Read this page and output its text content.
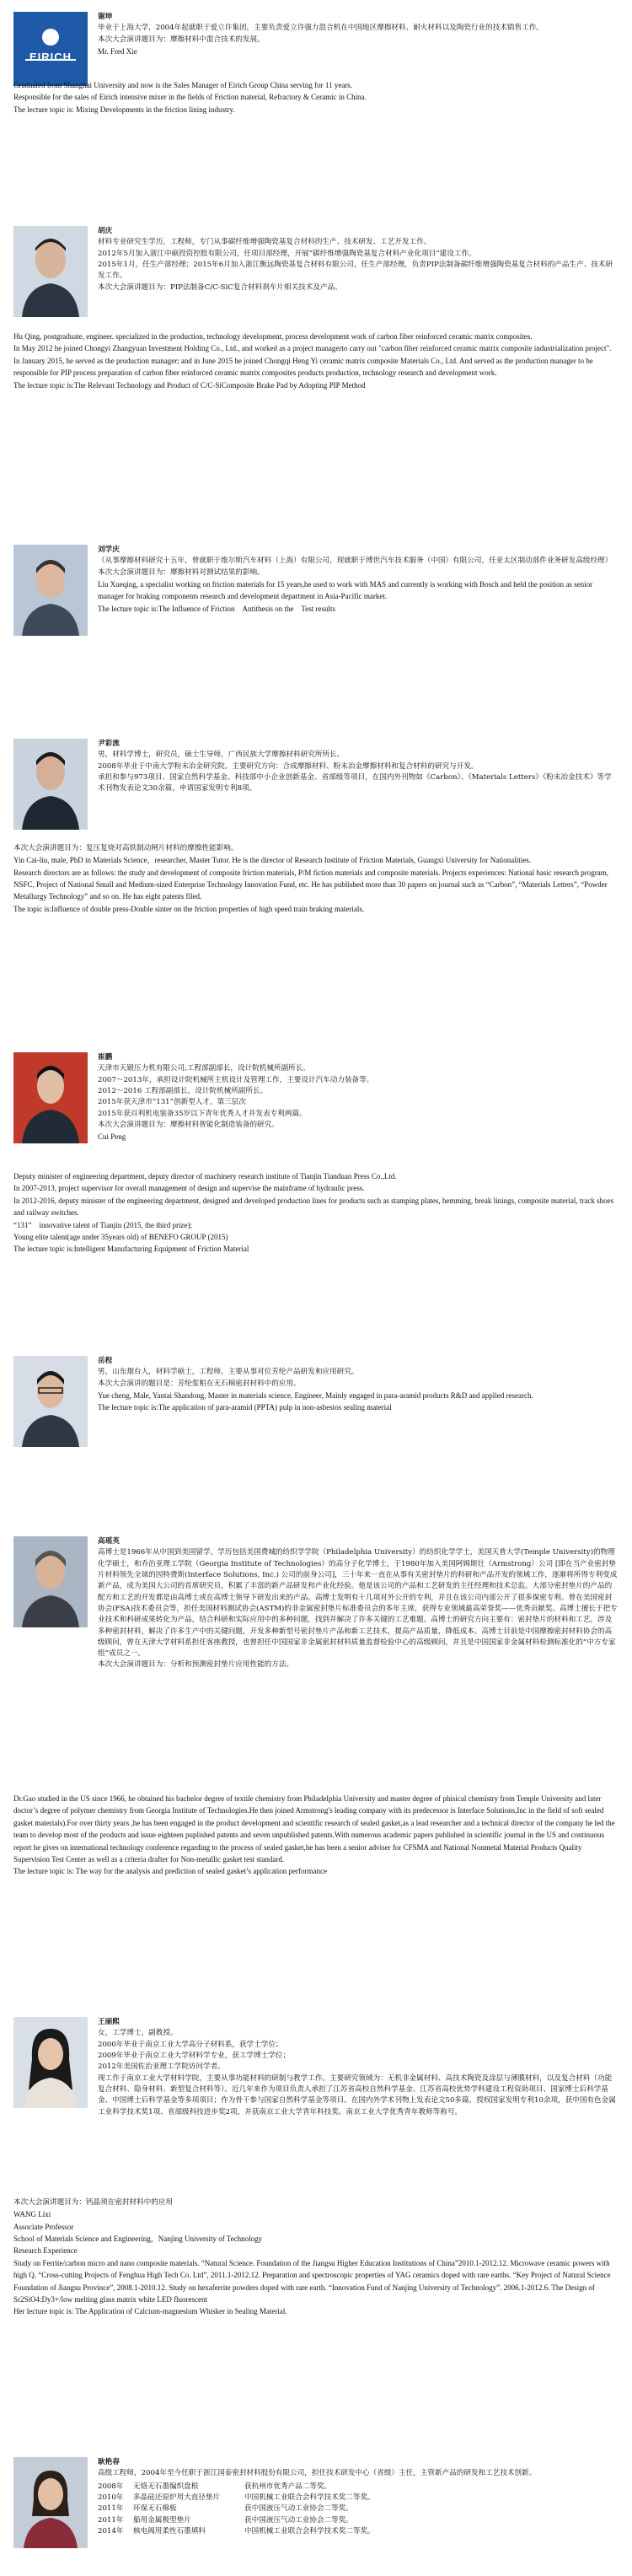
EIRICH

谢坤

毕业于上海大学，2004年起就职于爱立许集团，主要负责爱立许强力混合机在中国地区摩擦材料、耐火材料以及陶瓷行业的技术销售工作。

本次大会演讲题目为：摩擦材料中混合技术的发展。

Mr. Fred Xie

Graduated from Shanghai University and now is the Sales Manager of Eirich Group China serving for 11 years.

Responsible for the sales of Eirich intensive mixer in the fields of Friction material, Refractory & Ceramic in China.

The lecture topic is: Mixing Developments in the friction lining industry.

胡庆

材料专业研究生学历，工程师，专门从事碳纤维增强陶瓷基复合材料的生产、技术研发、工艺开发工作。

2012年5月加入浙江中硕投资控股有限公司，任项目部经理，开展“碳纤维增强陶瓷基复合材料产业化项目”建设工作。

2015年1月，任生产部经理；2015年6月加入浙江衡远陶瓷基复合材料有限公司，任生产部经理，负责PIP法制备碳纤维增强陶瓷基复合材料的产品生产、技术研发工作。

本次大会演讲题目为：PIP法制备C/C-SiC复合材料刹车片相关技术及产品。

Hu Qing, postgraduate, engineer. specialized in the production, technology development, process development work of carbon fiber reinforced ceramic matrix composites.

In May 2012 he joined Chongyi Zhangyuan Investment Holding Co., Ltd., and worked as a project managerto carry out "carbon fiber reinforced ceramic matrix composite industrialization project". In January 2015, he served as the production manager; and in June 2015 he joined Chongqi Heng Yi ceramic matrix composite Materials Co., Ltd. And served as the production manager to be responsible for PIP process preparation of carbon fiber reinforced ceramic matrix composites products production, technology research and development work.

The lecture topic is:The Relevant Technology and Product of C/C-SiComposite Brake Pad by Adopting PIP Method

刘学庆

（从事摩擦材料研究十五年，曾就职于维尔斯汽车材料（上海）有限公司，现就职于博世汽车技术服务（中国）有限公司，任亚太区制动部件业务研发高级经理）

本次大会演讲题目为：摩擦材料对测试结果的影响。

Liu Xueqing, a specialist working on friction materials for 15 years,he used to work with MAS and currently is working with Bosch and held the position as senior manager for braking components research and development department in Asia-Pacific market.

The lecture topic is:The Influence of Friction　Antithesis on the　Test results

尹彩流

男，材料学博士，研究员，硕士生导师，广西民族大学摩擦材料研究所所长。

2008年毕业于中南大学粉末冶金研究院。主要研究方向：合成摩擦材料、粉末冶金摩擦材料和复合材料的研究与开发。

承担和参与973项目、国家自然科学基金、科技部中小企业创新基金、省部级等项目，在国内外刊物如《Carbon》、《Materials Letters》《粉末冶金技术》等学术刊物发表论文30余篇，申请国家发明专利8项。

本次大会演讲题目为：复压复烧对高铁制动闸片材料的摩擦性能影响。

Yin Cai-liu, male, PhD in Materials Science，researcher, Master Tutor. He is the director of Research Institute of Friction Materials, Guangxi University for Nationalities.

Research directors are as follows: the study and development of composite friction materials, P/M fiction materials and composite materials. Projects experiences: National basic research program, NSFC, Project of National Small and Medium-sized Enterprise Technology Innovation Fund, etc. He has published more than 30 papers on journal such as “Carbon”, “Materials Letters”, “Powder Metallurgy Technology” and so on. He has eight patents filed.

The topic is:Influence of double press-Double sinter on the friction properties of high speed train braking materials.

崔鹏

天津市天锻压力机有限公司,工程部副部长，设计院机械所副所长。

2007～2013年，承担设计院机械所主机设计及管理工作，主要设计汽车动力装备等。

2012～2016 工程部副部长，设计院机械所副所长。

2015年获天津市“131”创新型人才，第三层次

2015年获百利机电装备35岁以下青年优秀人才并发表专利两篇。

本次大会演讲题目为：摩擦材料智能化制造装备的研究。

Cui Peng

Deputy minister of engineering department, deputy director of machinery research institute of Tianjin Tianduan Press Co.,Ltd.

In 2007-2013, project supervisor for overall management of design and supervise the mainframe of hydraulic press.

In 2012-2016, deputy minister of the engineering department, designed and developed production lines for products such as stamping plates, hemming, break linings, composite material, track shoes and railway switches.

“131”　innovative talent of Tianjin (2015, the third prize);

Young elite talent(age under 35years old) of BENEFO GROUP (2015)

The lecture topic is:Intelligent Manufacturing Equipment of Friction Material

岳程

男，山东烟台人，材料学硕士，工程师，主要从事对位芳纶产品研发和应用研究。

本次大会演讲的题目是：芳纶浆粕在无石棉密封材料中的应用。

Yue cheng, Male, Yantai Shandong, Master in materials science, Engineer, Mainly engaged in para-aramid products R&D and applied research.

The lecture topic is:The application of para-aramid (PPTA) pulp in non-asbestos sealing material

高瑶英

高博士是1966年从中国到美国留学，学历包括美国费城的纺织学学院（Philadelphia University）的纺织化学学士，美国天普大学(Temple University)的物理化学硕士，和乔治亚理工学院（Georgia Institute of Technologies）的高分子化学博士，于1980年加入美国阿姆斯壮（Armstrong）公司 [即在当产业密封垫片材料领先全球的因特费斯(Interface Solutions, Inc.) 公司的前身公司]，三十年来一直在从事有关密封垫片的科研和产品开发的领域工作，逐渐将所得专利变成新产品，成为美国大公司的首席研究员，积累了丰富的新产品研发和产业化经验。他是该公司的产品和工艺研发的主任经理和技术总监。大部分密封垫片的产品的配方和工艺的开发都是由高博士或在高博士领导下研发出来的产品。高博士发明有十几项对外公开的专利，并且在该公司内部公开了很多保密专利。曾在美国密封协会(FSA)技术委员会等，担任美国材料测试协会(ASTM)的非金属密封垫片标准委员会的多年主席，获得专业领域最高荣誉奖——优秀贡献奖。高博士擅长于把专业技术和科研成果转化为产品，结合科研和实际应用中的多种问题，找到并解决了许多关键的工艺难题。高博士的研究方向主要有：密封垫片的材料和工艺，涉及多种密封材料，解决了许多生产中的关键问题，开发多种新型号密封垫片产品和新工艺技术，提高产品质量，降低成本。高博士目前是中国摩擦密封材料协会的高级顾问，曾在天津大学材料系担任客座教授，也曾担任中国国家非金属密封材料质量监督检验中心的高级顾问，并且是中国国家非金属材料检测标准化的“中方专家组”成员之一。

本次大会演讲题目为：分析和预测密封垫片应用性能的方法。

Dr.Gao studied in the US since 1966, he obtained his bachelor degree of textile chemistry from Philadelphia University and master degree of phisical chemistry from Temple University and later doctor’s degree of polymer chemistry from Georgia Institute of Technologies.He then joined Armstrong's leading company with its predecessor is Interface Solutions,Inc in the field of soft sealed gasket materials).For over thirty years ,he has been engaged in the product development and scientific research of sealed gasket,as a lead researcher and a technical director of the company he led the team to develop most of the products and issue eighteen puplished patents and seven unpublished patents.With numerous academic papers published in scientific journal in the US and continuous report he gives on international technology conference regarding to the process of sealed gasket,he has been a senior adviser for CFSMA and National Nonmetal Material Products Quality Supervision Test Center as well as a criteria drafter for Non-metallic gasket test standard.

The lecture topic is: The way for the analysis and prediction of sealed gasket’s application performance

王丽熙

女，工学博士，副教授。

2000年毕业于南京工业大学高分子材料系，获学士学位；

2009年毕业于南京工业大学材料学专业，获工学博士学位；

2012年美国佐治亚理工学院访问学者。

现工作于南京工业大学材料学院，主要从事功能材料的研制与教学工作。主要研究领域为：无机非金属材料、高技术陶瓷及涂层与薄膜材料，以及复合材料（功能复合材料、隐身材料、新型复合材料等）。近几年来作为项目负责人承担了江苏省高校自然科学基金、江苏省高校优势学科建设工程资助项目、国家博士后科学基金、中国博士后科学基金等多项项目；作为骨干参与国家自然科学基金等项目。在国内外学术刊物上发表论文50多篇，授权国家发明专利10余项，获中国有色金属工业科学技术奖1项、省部级科技进步奖2项，并获南京工业大学青年科技奖、南京工业大学优秀青年教师等称号。

本次大会演讲题目为：钙晶须在密封材料中的应用

WANG Lixi

Associate Professor

School of Materials Science and Engineering，Nanjing University of Technology

Research Experience

Study on Ferrite/carbon micro and nano composite materials. “Natural Science. Foundation of the Jiangsu Higher Education Institutions of China”2010.1-2012.12. Microwave ceramic powers with high Q. “Cross-cutting Projects of Fenghua High Tech Co. Ltd”, 2011.1-2012.12. Preparation and spectroscopic properties of YAG ceramics doped with rare earths. “Key Project of Natural Science Foundation of Jiangsu Province”, 2008.1-2010.12. Study on hexaferrite powders doped with rare earth. “Innovation Fund of Nanjing University of Technology”. 2006.1-2012.6. The Design of Sr2SiO4:Dy3+/low melting glass matrix white LED fluorescent

Her lecture topic is: The Application of Calcium-magnesium Whisker in Sealing Material.

耿艳春

高级工程师，2004年至今任职于浙江国泰密封材料股份有限公司，担任技术研发中心（省级）主任，主管新产品的研发和工艺技术创新。

2008年	无铬无石墨编织盘根	获杭州市优秀产品二等奖。
2010年	多晶硅还原炉用大直径垫片	中国机械工业联合会科学技术奖二等奖。
2011年	环保无石棉板	获中国液压气动工业协会二等奖。
2011年	船用金属极型垫片	获中国液压气动工业协会二等奖。
2014年	核电阀用柔性石墨填料	中国机械工业联合会科学技术奖二等奖。
